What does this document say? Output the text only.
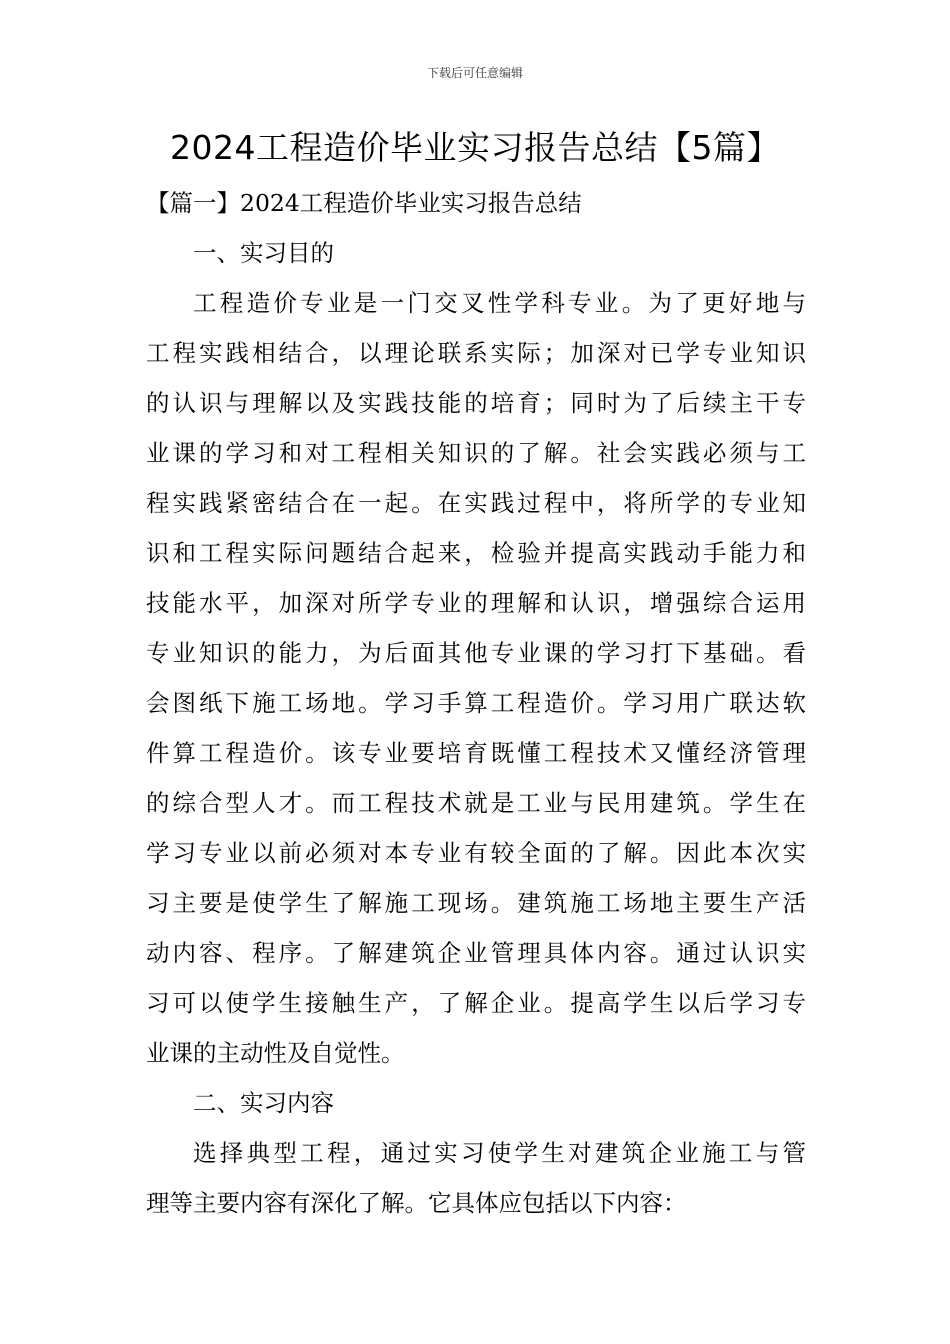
下载后可任意编辑
2024工程造价毕业实习报告总结【5篇】
【篇一】2024工程造价毕业实习报告总结
一、实习目的
工程造价专业是一门交叉性学科专业。为了更好地与
工程实践相结合，以理论联系实际；加深对已学专业知识
的认识与理解以及实践技能的培育；同时为了后续主干专
业课的学习和对工程相关知识的了解。社会实践必须与工
程实践紧密结合在一起。在实践过程中，将所学的专业知
识和工程实际问题结合起来，检验并提高实践动手能力和
技能水平，加深对所学专业的理解和认识，增强综合运用
专业知识的能力，为后面其他专业课的学习打下基础。看
会图纸下施工场地。学习手算工程造价。学习用广联达软
件算工程造价。该专业要培育既懂工程技术又懂经济管理
的综合型人才。而工程技术就是工业与民用建筑。学生在
学习专业以前必须对本专业有较全面的了解。因此本次实
习主要是使学生了解施工现场。建筑施工场地主要生产活
动内容、程序。了解建筑企业管理具体内容。通过认识实
习可以使学生接触生产，了解企业。提高学生以后学习专
业课的主动性及自觉性。
二、实习内容
选择典型工程，通过实习使学生对建筑企业施工与管
理等主要内容有深化了解。它具体应包括以下内容：
